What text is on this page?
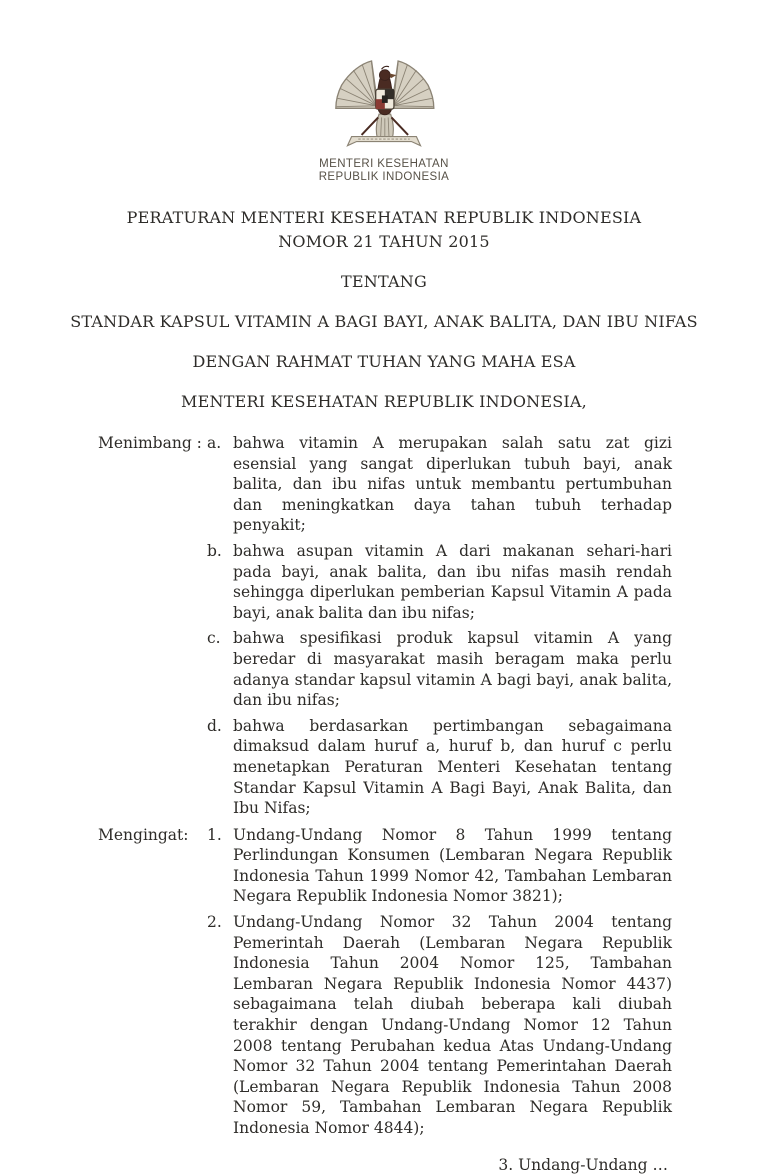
MENTERI KESEHATAN
REPUBLIK INDONESIA
PERATURAN MENTERI KESEHATAN REPUBLIK INDONESIA
NOMOR 21 TAHUN 2015
TENTANG
STANDAR KAPSUL VITAMIN A BAGI BAYI, ANAK BALITA, DAN IBU NIFAS
DENGAN RAHMAT TUHAN YANG MAHA ESA
MENTERI KESEHATAN REPUBLIK INDONESIA,
Menimbang : a. bahwa vitamin A merupakan salah satu zat gizi esensial yang sangat diperlukan tubuh bayi, anak balita, dan ibu nifas untuk membantu pertumbuhan dan meningkatkan daya tahan tubuh terhadap penyakit;
b. bahwa asupan vitamin A dari makanan sehari-hari pada bayi, anak balita, dan ibu nifas masih rendah sehingga diperlukan pemberian Kapsul Vitamin A pada bayi, anak balita dan ibu nifas;
c. bahwa spesifikasi produk kapsul vitamin A yang beredar di masyarakat masih beragam maka perlu adanya standar kapsul vitamin A bagi bayi, anak balita, dan ibu nifas;
d. bahwa berdasarkan pertimbangan sebagaimana dimaksud dalam huruf a, huruf b, dan huruf c perlu menetapkan Peraturan Menteri Kesehatan tentang Standar Kapsul Vitamin A Bagi Bayi, Anak Balita, dan Ibu Nifas;
Mengingat:	1. Undang-Undang Nomor 8 Tahun 1999 tentang Perlindungan Konsumen (Lembaran Negara Republik Indonesia Tahun 1999 Nomor 42, Tambahan Lembaran Negara Republik Indonesia Nomor 3821);
2. Undang-Undang Nomor 32 Tahun 2004 tentang Pemerintah Daerah (Lembaran Negara Republik Indonesia Tahun 2004 Nomor 125, Tambahan Lembaran Negara Republik Indonesia Nomor 4437) sebagaimana telah diubah beberapa kali diubah terakhir dengan Undang-Undang Nomor 12 Tahun 2008 tentang Perubahan kedua Atas Undang-Undang Nomor 32 Tahun 2004 tentang Pemerintahan Daerah (Lembaran Negara Republik Indonesia Tahun 2008 Nomor 59, Tambahan Lembaran Negara Republik Indonesia Nomor 4844);
3. Undang-Undang …
